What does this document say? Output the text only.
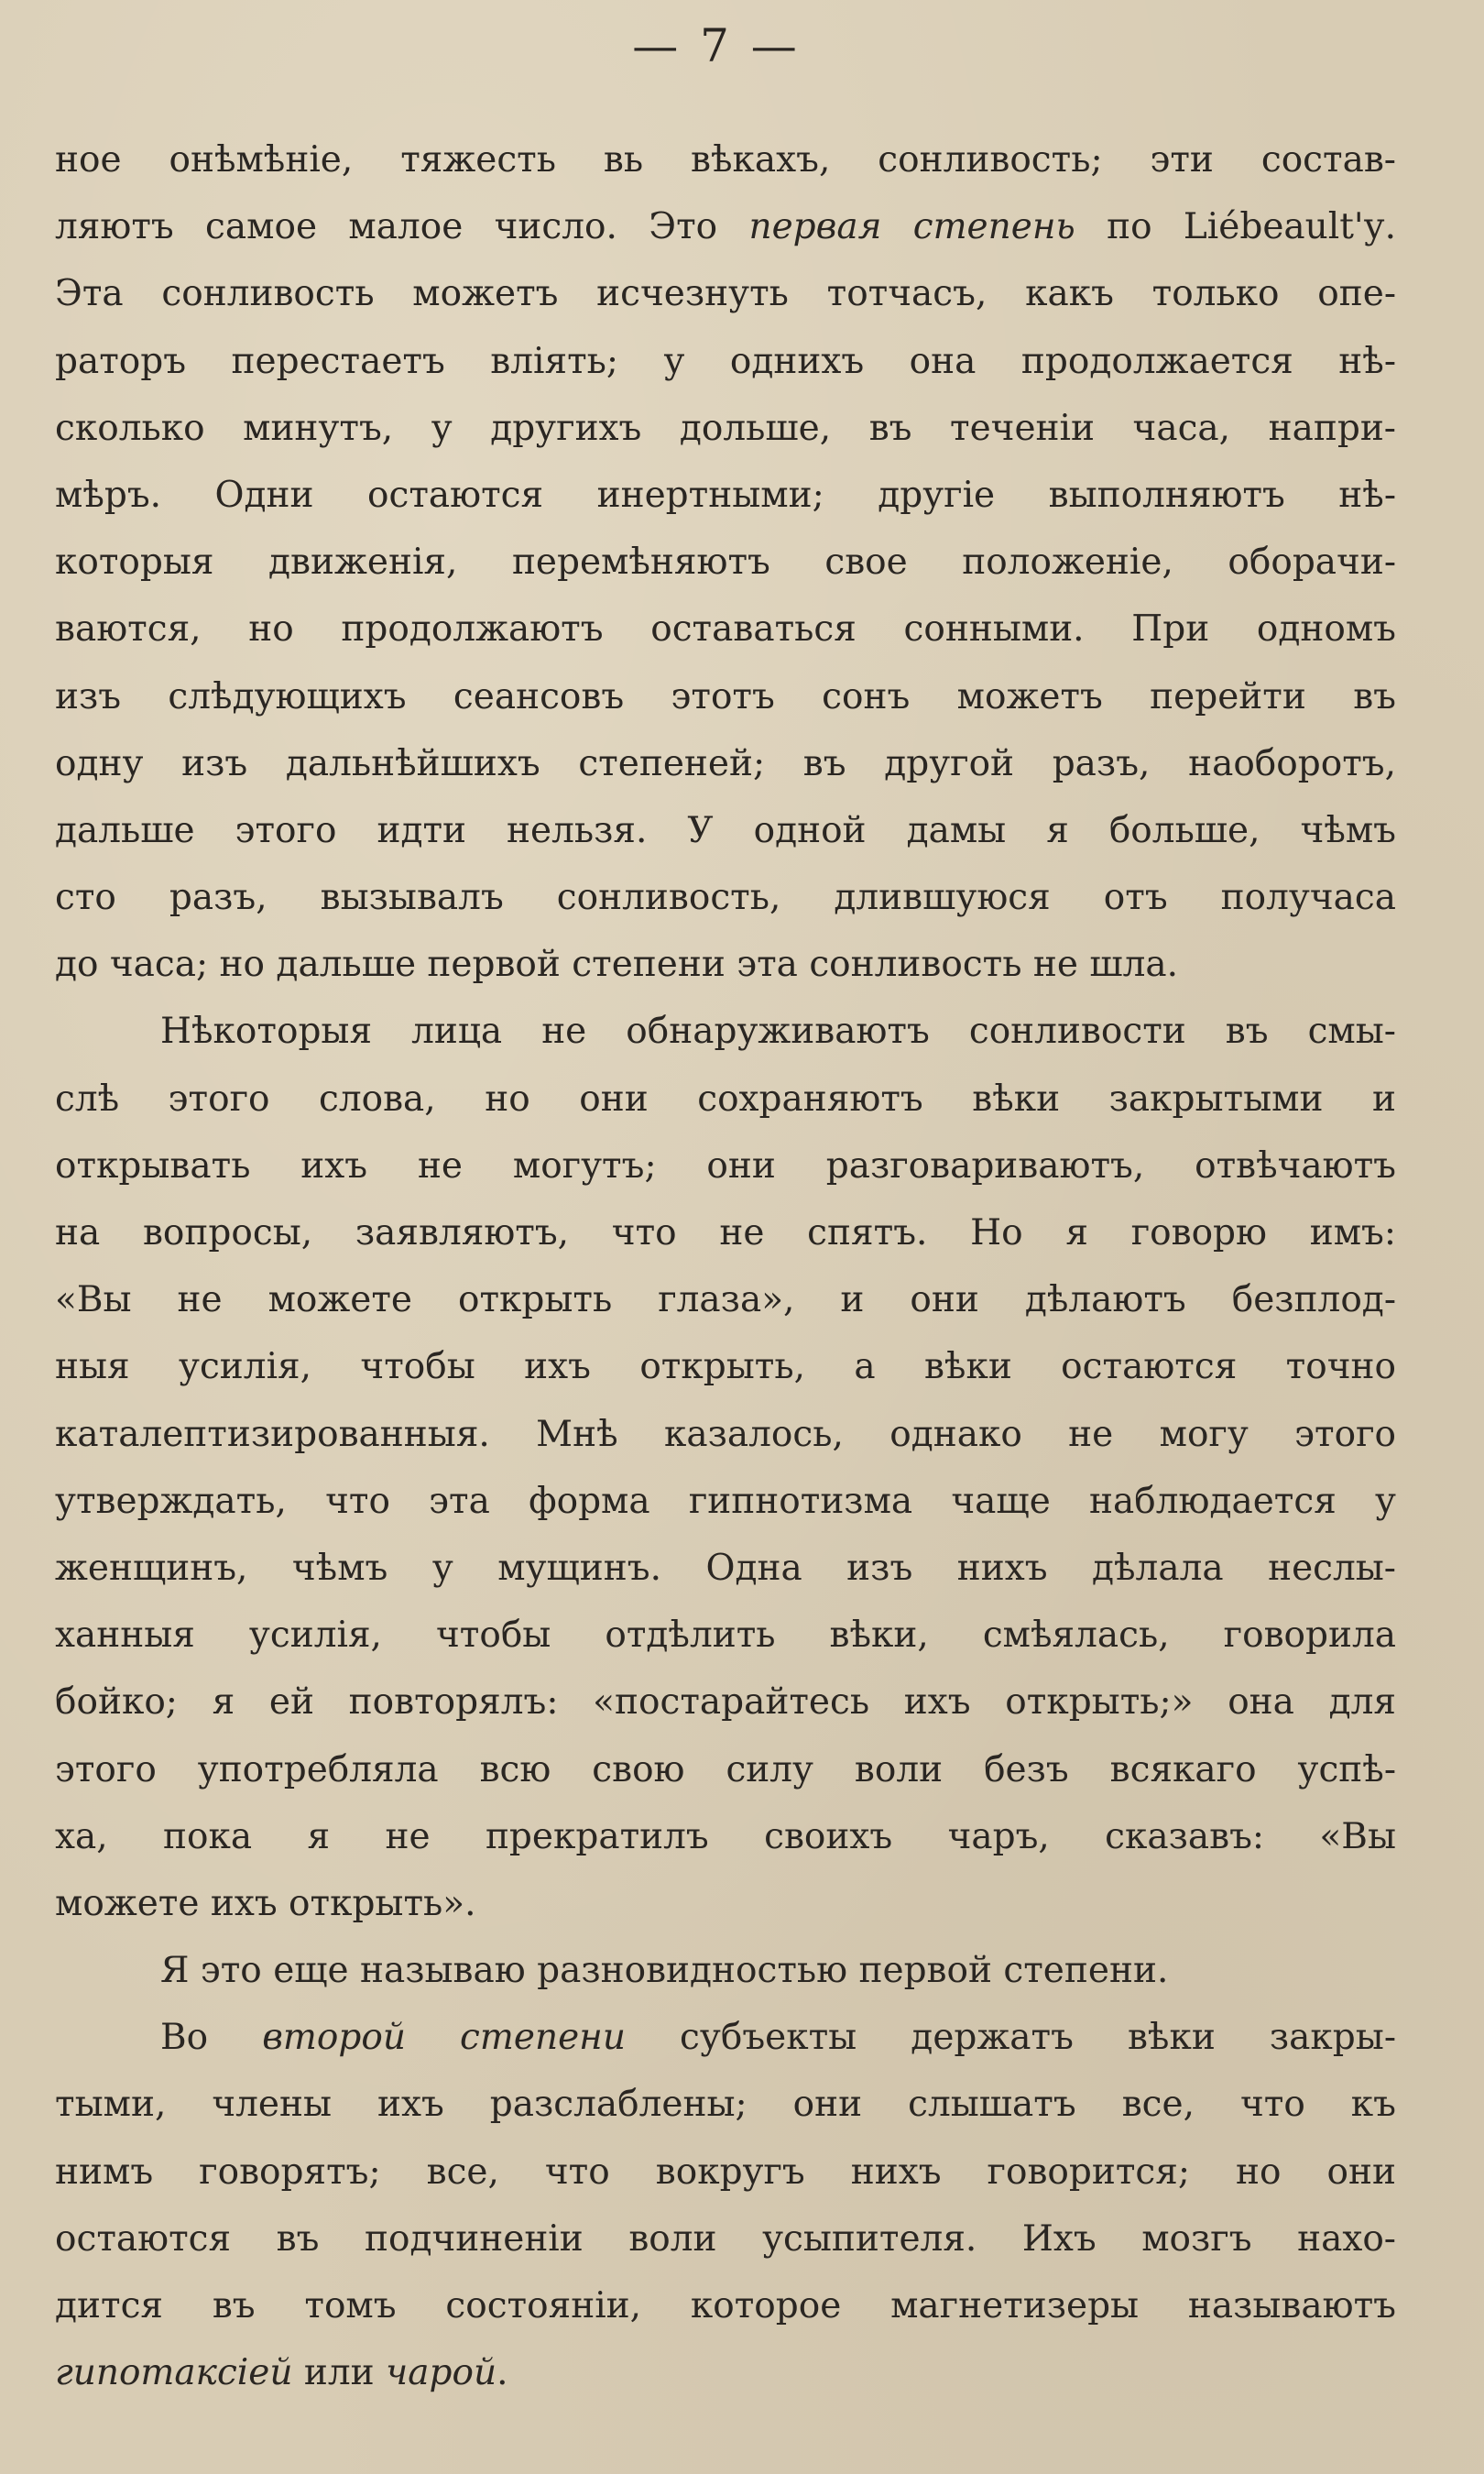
— 7 —
ное онѣмѣніе, тяжесть вь вѣкахъ, сонливость; эти состав-
ляютъ самое малое число. Это первая степень по Liébeault'у.
Эта сонливость можетъ исчезнуть тотчасъ, какъ только опе-
раторъ перестаетъ вліять; у одниxъ она продолжается нѣ-
сколько минутъ, у другихъ дольше, въ теченіи часа, напри-
мѣръ. Одни остаются инертными; другіе выполняютъ нѣ-
которыя движенія, перемѣняютъ свое положеніе, оборачи-
ваются, но продолжаютъ оставаться сонными. При одномъ
изъ слѣдующихъ сеансовъ этотъ сонъ можетъ перейти въ
одну изъ дальнѣйшихъ степеней; въ другой разъ, наоборотъ,
дальше этого идти нельзя. У одной дамы я больше, чѣмъ
сто разъ, вызывалъ сонливость, длившуюся отъ получаса
до часа; но дальше первой степени эта сонливость не шла.
Нѣкоторыя лица не обнаруживаютъ сонливости въ смы-
слѣ этого слова, но они сохраняютъ вѣки закрытыми и
открывать ихъ не могутъ; они разговариваютъ, отвѣчаютъ
на вопросы, заявляютъ, что не спятъ. Но я говорю имъ:
«Вы не можете открыть глаза», и они дѣлаютъ безплод-
ныя усилія, чтобы ихъ открыть, а вѣки остаются точно
каталептизированныя. Мнѣ казалось, однако не могу этого
утверждать, что эта форма гипнотизма чаще наблюдается у
женщинъ, чѣмъ у мущинъ. Одна изъ нихъ дѣлала неслы-
ханныя усилія, чтобы отдѣлить вѣки, смѣялась, говорила
бойко; я ей повторялъ: «постарайтесь ихъ открыть;» она для
этого употребляла всю свою силу воли безъ всякаго успѣ-
ха, пока я не прекратилъ своихъ чаръ, сказавъ: «Вы
можете ихъ открыть».
Я это еще называю разновидностью первой степени.
Во второй степени субъекты держатъ вѣки закры-
тыми, члены ихъ разслаблены; они слышатъ все, что къ
нимъ говорятъ; все, что вокругъ нихъ говорится; но они
остаются въ подчиненіи воли усыпителя. Ихъ мозгъ нахо-
дится въ томъ состояніи, которое магнетизеры называютъ
гипотаксіей или чарой.
